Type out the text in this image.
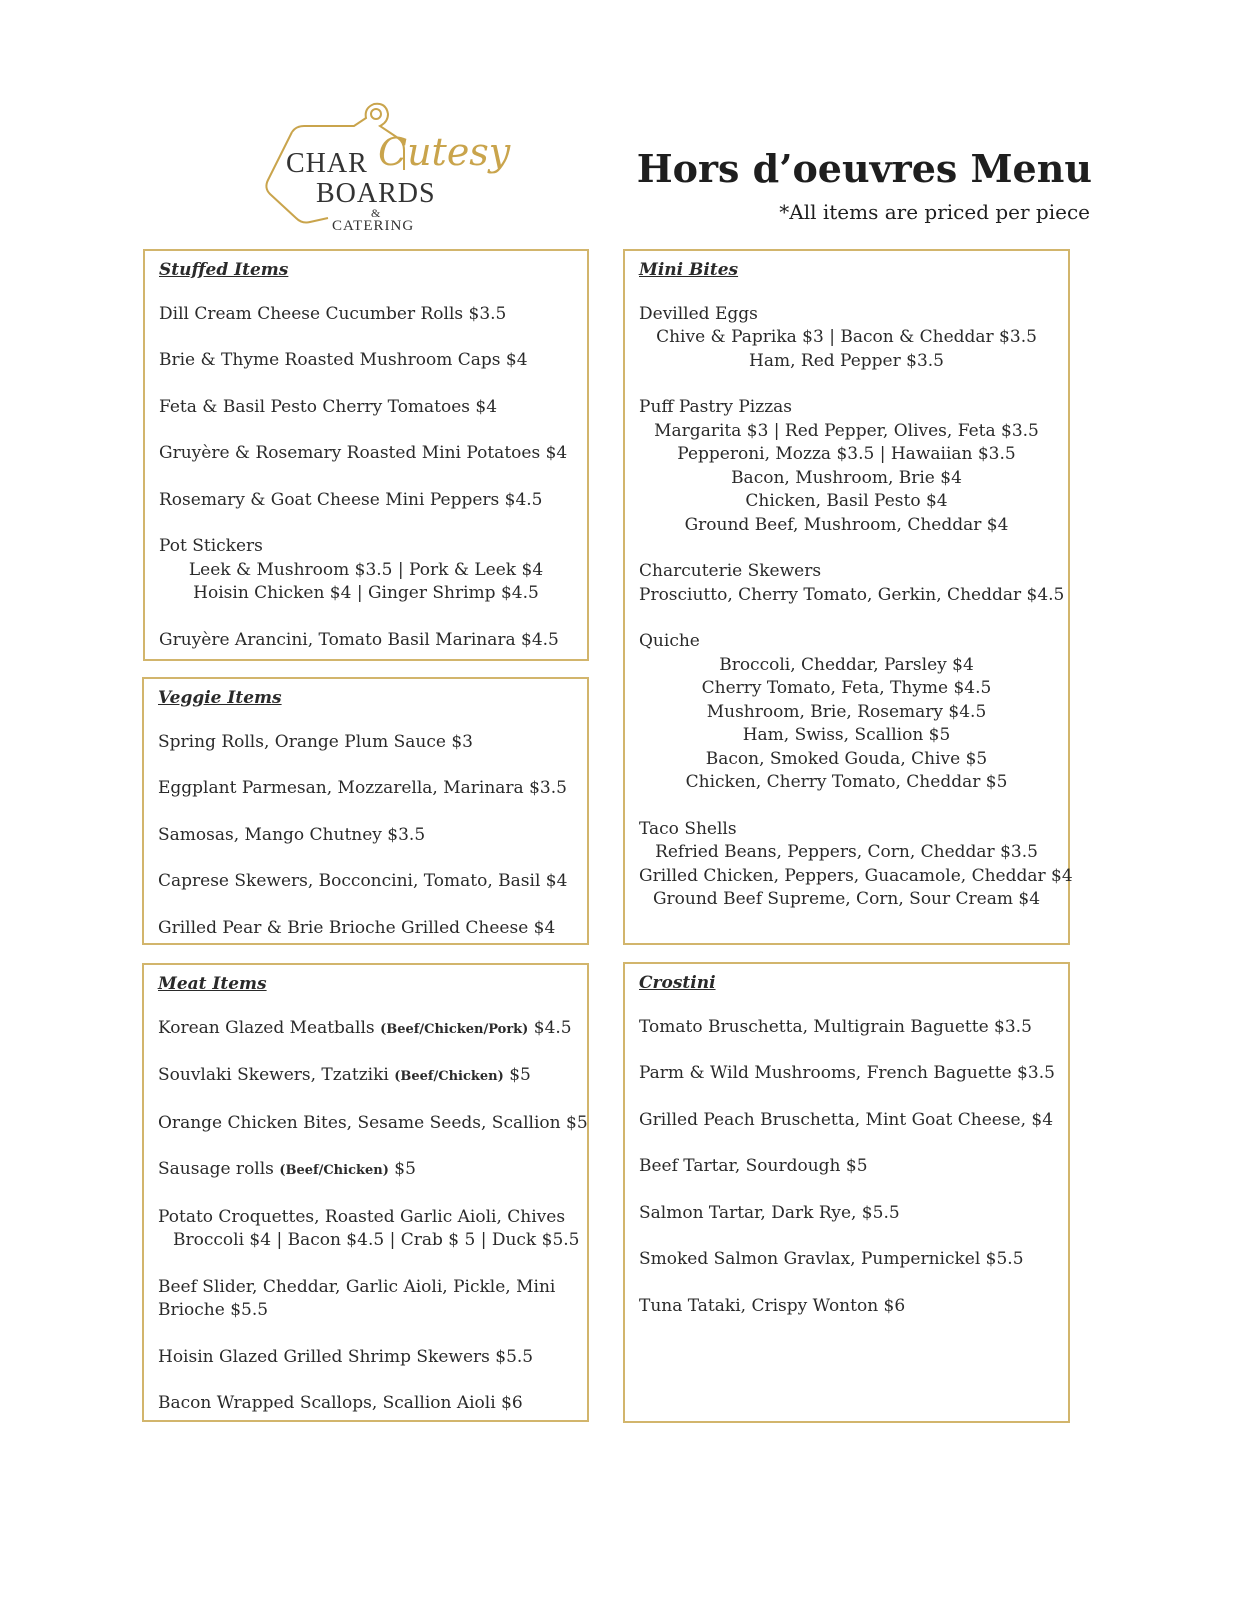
CHAR Cutesy
BOARDS
&
CATERING
Hors d’oeuvres Menu
*All items are priced per piece
Stuffed Items
Dill Cream Cheese Cucumber Rolls $3.5
Brie & Thyme Roasted Mushroom Caps $4
Feta & Basil Pesto Cherry Tomatoes $4
Gruyère & Rosemary Roasted Mini Potatoes $4
Rosemary & Goat Cheese Mini Peppers $4.5
Pot Stickers
Leek & Mushroom $3.5 | Pork & Leek $4
Hoisin Chicken $4 | Ginger Shrimp $4.5
Gruyère Arancini, Tomato Basil Marinara $4.5
Veggie Items
Spring Rolls, Orange Plum Sauce $3
Eggplant Parmesan, Mozzarella, Marinara $3.5
Samosas, Mango Chutney $3.5
Caprese Skewers, Bocconcini, Tomato, Basil $4
Grilled Pear & Brie Brioche Grilled Cheese $4
Meat Items
Korean Glazed Meatballs (Beef/Chicken/Pork) $4.5
Souvlaki Skewers, Tzatziki (Beef/Chicken) $5
Orange Chicken Bites, Sesame Seeds, Scallion $5
Sausage rolls (Beef/Chicken) $5
Potato Croquettes, Roasted Garlic Aioli, Chives
Broccoli $4 | Bacon $4.5 | Crab $ 5 | Duck $5.5
Beef Slider, Cheddar, Garlic Aioli, Pickle, Mini
Brioche $5.5
Hoisin Glazed Grilled Shrimp Skewers $5.5
Bacon Wrapped Scallops, Scallion Aioli $6
Mini Bites
Devilled Eggs
Chive & Paprika $3 | Bacon & Cheddar $3.5
Ham, Red Pepper $3.5
Puff Pastry Pizzas
Margarita $3 | Red Pepper, Olives, Feta $3.5
Pepperoni, Mozza $3.5 | Hawaiian $3.5
Bacon, Mushroom, Brie $4
Chicken, Basil Pesto $4
Ground Beef, Mushroom, Cheddar $4
Charcuterie Skewers
Prosciutto, Cherry Tomato, Gerkin, Cheddar $4.5
Quiche
Broccoli, Cheddar, Parsley $4
Cherry Tomato, Feta, Thyme $4.5
Mushroom, Brie, Rosemary $4.5
Ham, Swiss, Scallion $5
Bacon, Smoked Gouda, Chive $5
Chicken, Cherry Tomato, Cheddar $5
Taco Shells
Refried Beans, Peppers, Corn, Cheddar $3.5
Grilled Chicken, Peppers, Guacamole, Cheddar $4
Ground Beef Supreme, Corn, Sour Cream $4
Crostini
Tomato Bruschetta, Multigrain Baguette $3.5
Parm & Wild Mushrooms, French Baguette $3.5
Grilled Peach Bruschetta, Mint Goat Cheese, $4
Beef Tartar, Sourdough $5
Salmon Tartar, Dark Rye, $5.5
Smoked Salmon Gravlax, Pumpernickel $5.5
Tuna Tataki, Crispy Wonton $6
